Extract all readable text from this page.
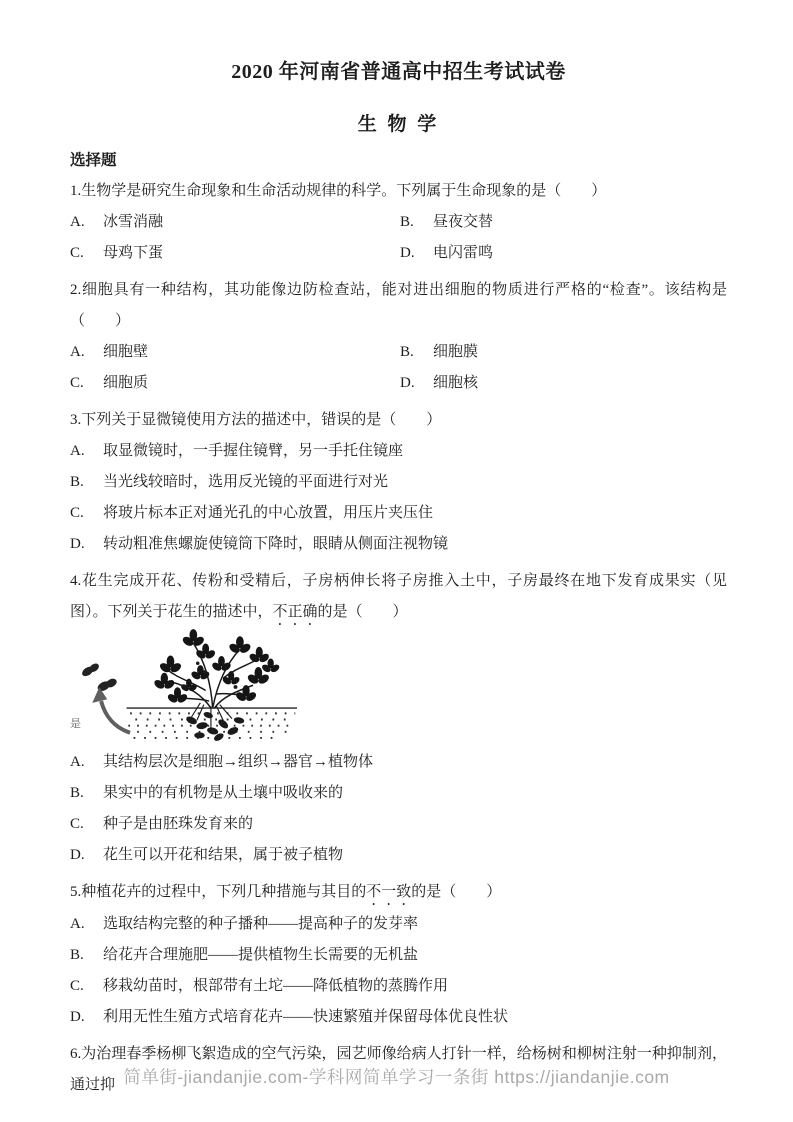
2020 年河南省普通高中招生考试试卷
生 物 学
选择题

1.生物学是研究生命现象和生命活动规律的科学。下列属于生命现象的是（　　）

A. 冰雪消融	B. 昼夜交替
C. 母鸡下蛋	D. 电闪雷鸣

2.细胞具有一种结构，其功能像边防检查站，能对进出细胞的物质进行严格的“检查”。该结构是（　　）

A. 细胞壁	B. 细胞膜
C. 细胞质	D. 细胞核

3.下列关于显微镜使用方法的描述中，错误的是（　　）

A. 取显微镜时，一手握住镜臂，另一手托住镜座
B. 当光线较暗时，选用反光镜的平面进行对光
C. 将玻片标本正对通光孔的中心放置，用压片夹压住
D. 转动粗准焦螺旋使镜筒下降时，眼睛从侧面注视物镜

4.花生完成开花、传粉和受精后，子房柄伸长将子房推入土中，子房最终在地下发育成果实（见图）。下列关于花生的描述中，不正确的是（　　）

是
A. 其结构层次是细胞→组织→器官→植物体
B. 果实中的有机物是从土壤中吸收来的
C. 种子是由胚珠发育来的
D. 花生可以开花和结果，属于被子植物

5.种植花卉的过程中，下列几种措施与其目的不一致的是（　　）

A. 选取结构完整的种子播种——提高种子的发芽率
B. 给花卉合理施肥——提供植物生长需要的无机盐
C. 移栽幼苗时，根部带有土坨——降低植物的蒸腾作用
D. 利用无性生殖方式培育花卉——快速繁殖并保留母体优良性状

6.为治理春季杨柳飞絮造成的空气污染，园艺师像给病人打针一样，给杨树和柳树注射一种抑制剂，通过抑 简单街-jiandanjie.com-学科网简单学习一条街 https://jiandanjie.com
